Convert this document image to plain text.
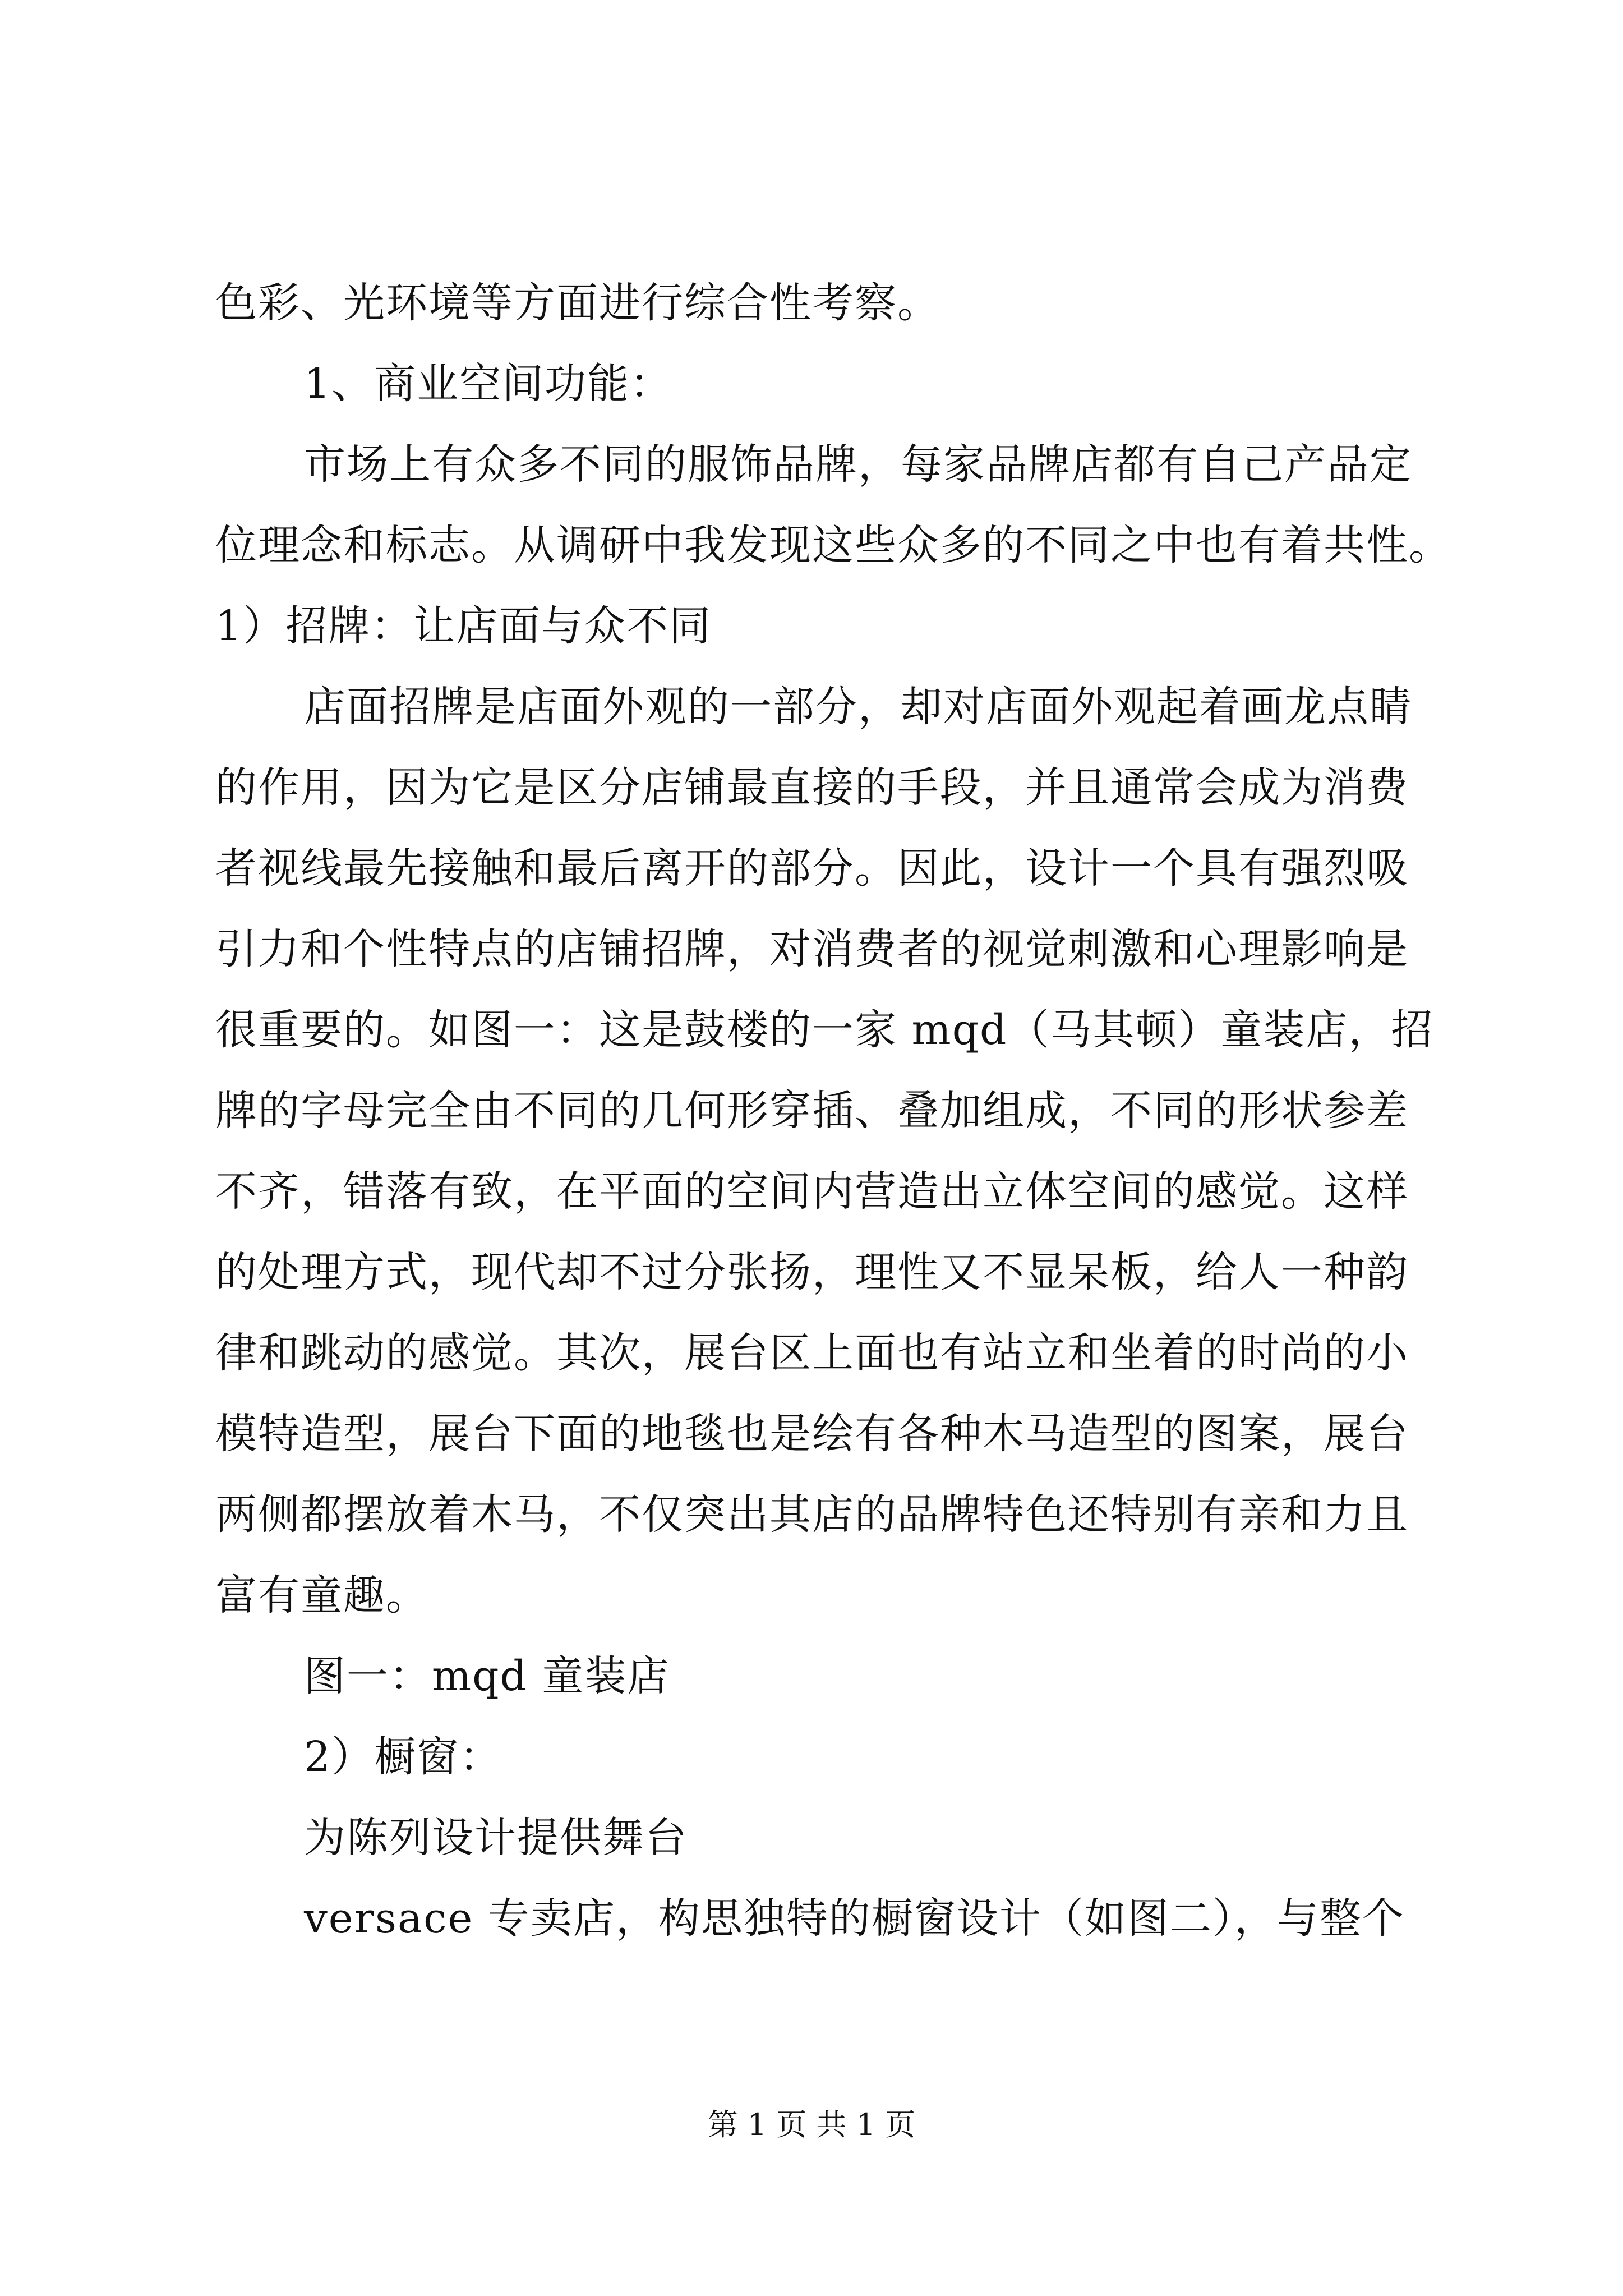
色彩、光环境等方面进行综合性考察。
1、商业空间功能：
市场上有众多不同的服饰品牌，每家品牌店都有自己产品定
位理念和标志。从调研中我发现这些众多的不同之中也有着共性。
1）招牌：让店面与众不同
店面招牌是店面外观的一部分，却对店面外观起着画龙点睛
的作用，因为它是区分店铺最直接的手段，并且通常会成为消费
者视线最先接触和最后离开的部分。因此，设计一个具有强烈吸
引力和个性特点的店铺招牌，对消费者的视觉刺激和心理影响是
很重要的。如图一：这是鼓楼的一家 mqd（马其顿）童装店，招
牌的字母完全由不同的几何形穿插、叠加组成，不同的形状参差
不齐，错落有致，在平面的空间内营造出立体空间的感觉。这样
的处理方式，现代却不过分张扬，理性又不显呆板，给人一种韵
律和跳动的感觉。其次，展台区上面也有站立和坐着的时尚的小
模特造型，展台下面的地毯也是绘有各种木马造型的图案，展台
两侧都摆放着木马，不仅突出其店的品牌特色还特别有亲和力且
富有童趣。
图一：mqd 童装店
2）橱窗：
为陈列设计提供舞台
versace 专卖店，构思独特的橱窗设计（如图二），与整个
第 1 页 共 1 页
